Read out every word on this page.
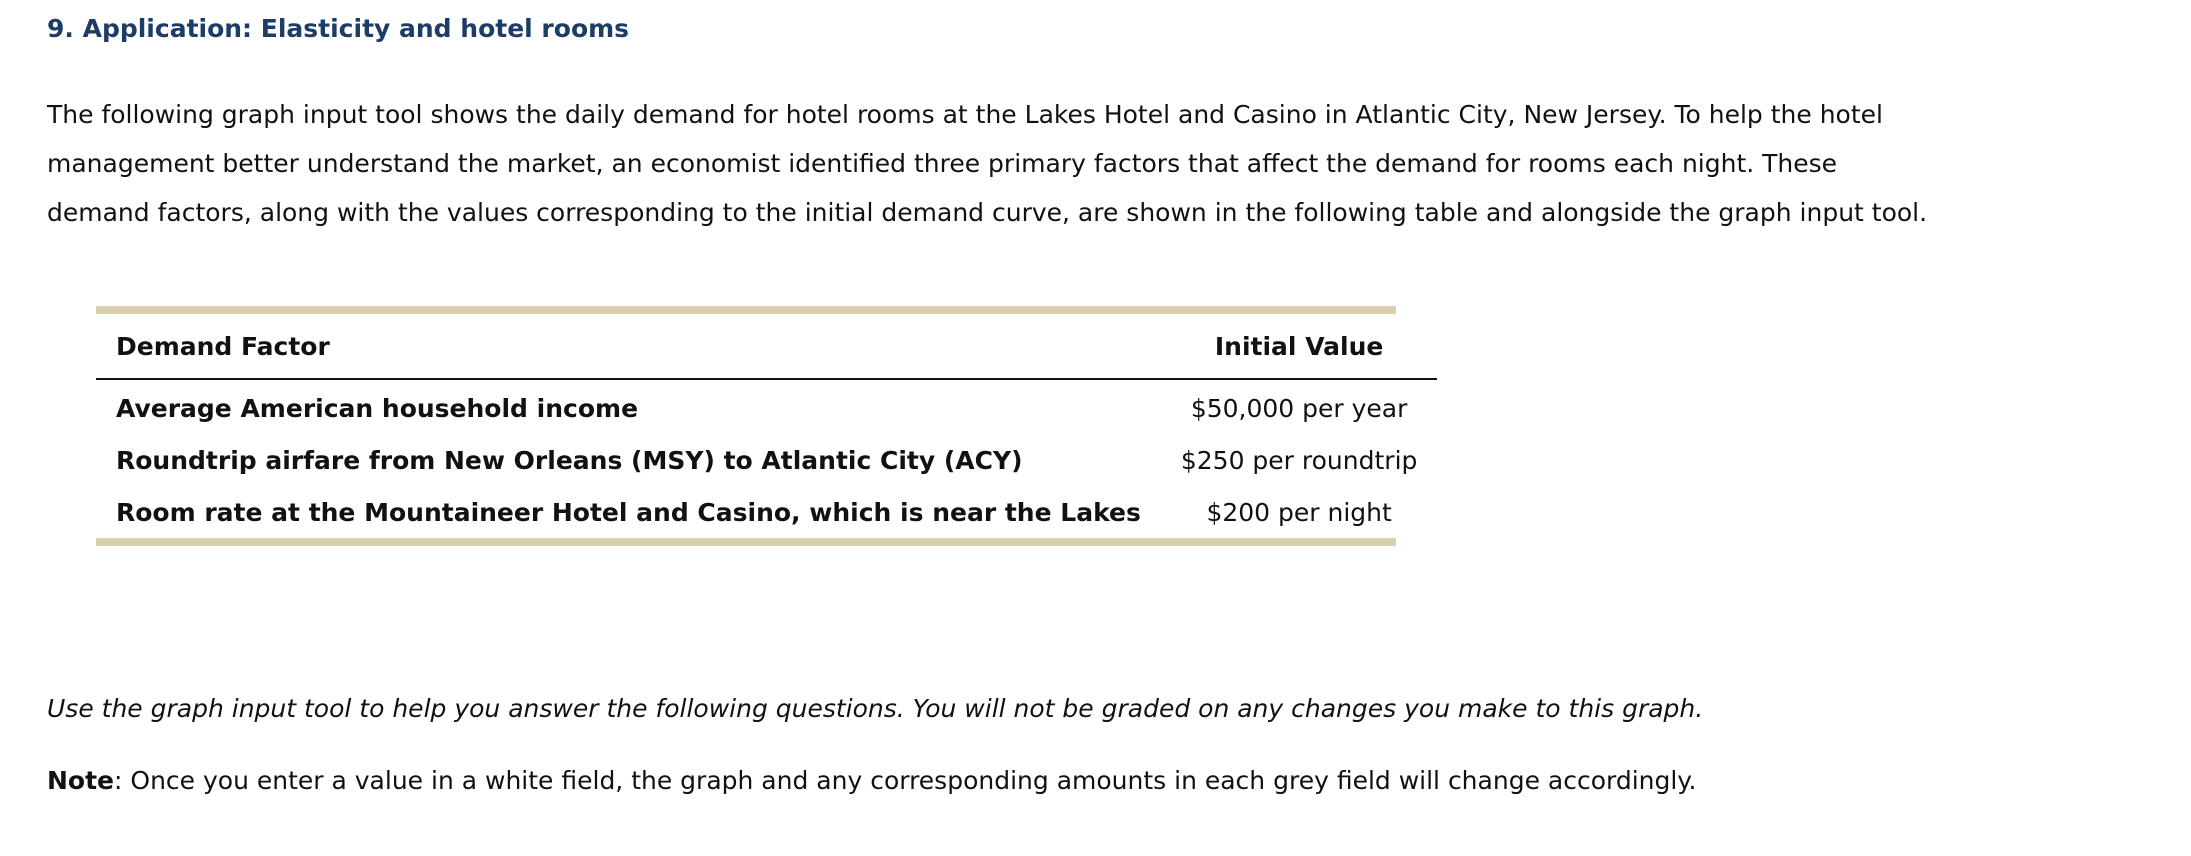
9. Application: Elasticity and hotel rooms

The following graph input tool shows the daily demand for hotel rooms at the Lakes Hotel and Casino in Atlantic City, New Jersey. To help the hotel management better understand the market, an economist identified three primary factors that affect the demand for rooms each night. These demand factors, along with the values corresponding to the initial demand curve, are shown in the following table and alongside the graph input tool.

Demand Factor	Initial Value
Average American household income	$50,000 per year
Roundtrip airfare from New Orleans (MSY) to Atlantic City (ACY)	$250 per roundtrip
Room rate at the Mountaineer Hotel and Casino, which is near the Lakes	$200 per night

Use the graph input tool to help you answer the following questions. You will not be graded on any changes you make to this graph.

Note: Once you enter a value in a white field, the graph and any corresponding amounts in each grey field will change accordingly.
